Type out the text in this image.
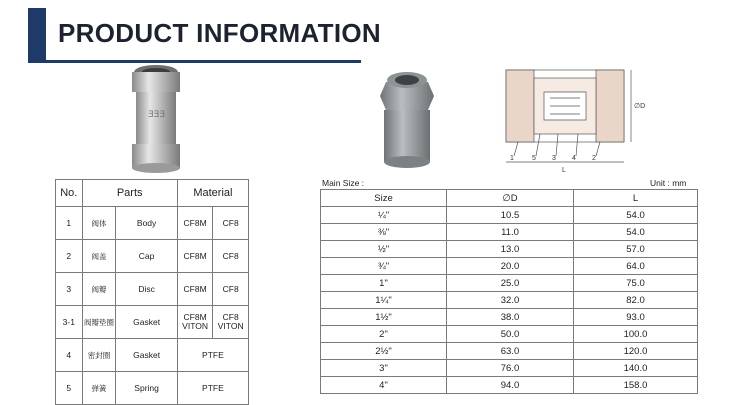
PRODUCT INFORMATION
ƎƎƎ
∅D
L
1	5 3 4 2
No.	Parts		Material	
1	阀体	Body	CF8M	CF8
2	阀盖	Cap	CF8M	CF8
3	阀瓣	Disc	CF8M	CF8
3-1	阀瓣垫圈	Gasket	CF8M VITON	CF8 VITON
4	密封圈	Gasket	PTFE	
5	弹簧	Spring	PTFE	
Main Size :	Unit : mm
Size	∅D	L
¼"	10.5	54.0
⅜"	11.0	54.0
½"	13.0	57.0
¾"	20.0	64.0
1"	25.0	75.0
1¼"	32.0	82.0
1½"	38.0	93.0
2"	50.0	100.0
2½"	63.0	120.0
3"	76.0	140.0
4"	94.0	158.0
